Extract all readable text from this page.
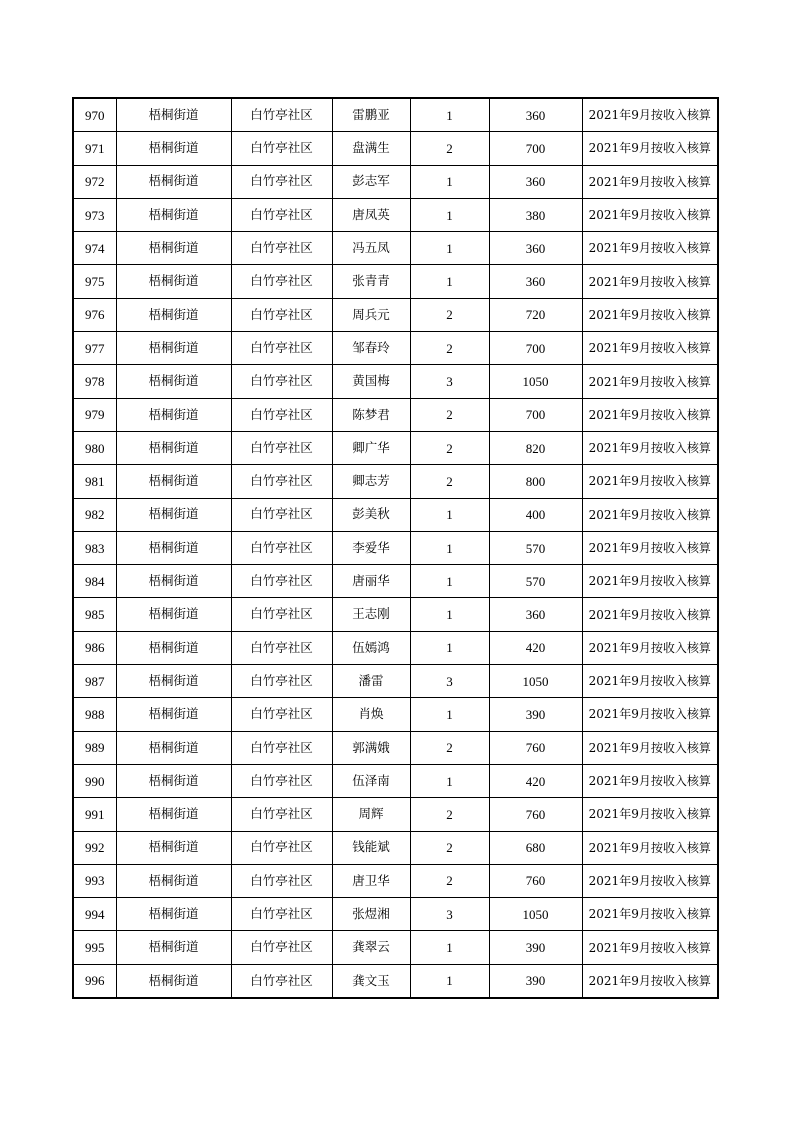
970	梧桐街道	白竹亭社区	雷鹏亚	1	360	2021年9月按收入核算
971	梧桐街道	白竹亭社区	盘满生	2	700	2021年9月按收入核算
972	梧桐街道	白竹亭社区	彭志军	1	360	2021年9月按收入核算
973	梧桐街道	白竹亭社区	唐凤英	1	380	2021年9月按收入核算
974	梧桐街道	白竹亭社区	冯五凤	1	360	2021年9月按收入核算
975	梧桐街道	白竹亭社区	张青青	1	360	2021年9月按收入核算
976	梧桐街道	白竹亭社区	周兵元	2	720	2021年9月按收入核算
977	梧桐街道	白竹亭社区	邹春玲	2	700	2021年9月按收入核算
978	梧桐街道	白竹亭社区	黄国梅	3	1050	2021年9月按收入核算
979	梧桐街道	白竹亭社区	陈梦君	2	700	2021年9月按收入核算
980	梧桐街道	白竹亭社区	卿广华	2	820	2021年9月按收入核算
981	梧桐街道	白竹亭社区	卿志芳	2	800	2021年9月按收入核算
982	梧桐街道	白竹亭社区	彭美秋	1	400	2021年9月按收入核算
983	梧桐街道	白竹亭社区	李爱华	1	570	2021年9月按收入核算
984	梧桐街道	白竹亭社区	唐丽华	1	570	2021年9月按收入核算
985	梧桐街道	白竹亭社区	王志刚	1	360	2021年9月按收入核算
986	梧桐街道	白竹亭社区	伍嫣鸿	1	420	2021年9月按收入核算
987	梧桐街道	白竹亭社区	潘雷	3	1050	2021年9月按收入核算
988	梧桐街道	白竹亭社区	肖焕	1	390	2021年9月按收入核算
989	梧桐街道	白竹亭社区	郭满娥	2	760	2021年9月按收入核算
990	梧桐街道	白竹亭社区	伍泽南	1	420	2021年9月按收入核算
991	梧桐街道	白竹亭社区	周辉	2	760	2021年9月按收入核算
992	梧桐街道	白竹亭社区	钱能斌	2	680	2021年9月按收入核算
993	梧桐街道	白竹亭社区	唐卫华	2	760	2021年9月按收入核算
994	梧桐街道	白竹亭社区	张煜湘	3	1050	2021年9月按收入核算
995	梧桐街道	白竹亭社区	龚翠云	1	390	2021年9月按收入核算
996	梧桐街道	白竹亭社区	龚文玉	1	390	2021年9月按收入核算
